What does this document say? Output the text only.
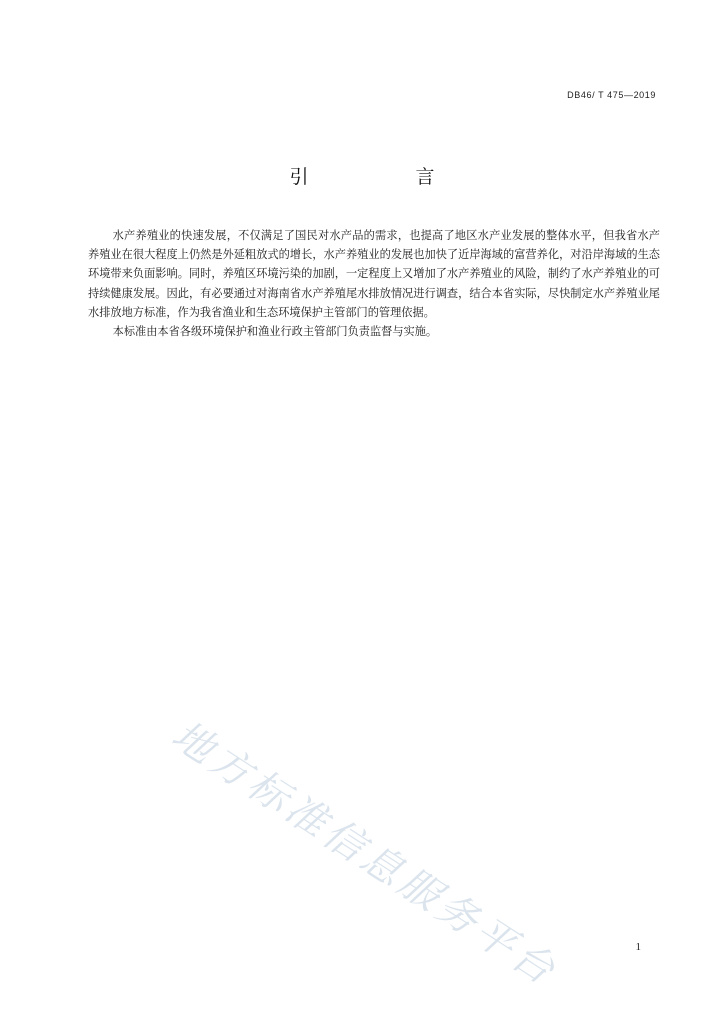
DB46/ T 475—2019
引　言

水产养殖业的快速发展，不仅满足了国民对水产品的需求，也提高了地区水产业发展的整体水平，但我省水产养殖业在很大程度上仍然是外延粗放式的增长，水产养殖业的发展也加快了近岸海域的富营养化，对沿岸海域的生态环境带来负面影响。同时，养殖区环境污染的加剧，一定程度上又增加了水产养殖业的风险，制约了水产养殖业的可持续健康发展。因此，有必要通过对海南省水产养殖尾水排放情况进行调查，结合本省实际，尽快制定水产养殖业尾水排放地方标准，作为我省渔业和生态环境保护主管部门的管理依据。

本标准由本省各级环境保护和渔业行政主管部门负责监督与实施。

地方标准信息服务平台	1
